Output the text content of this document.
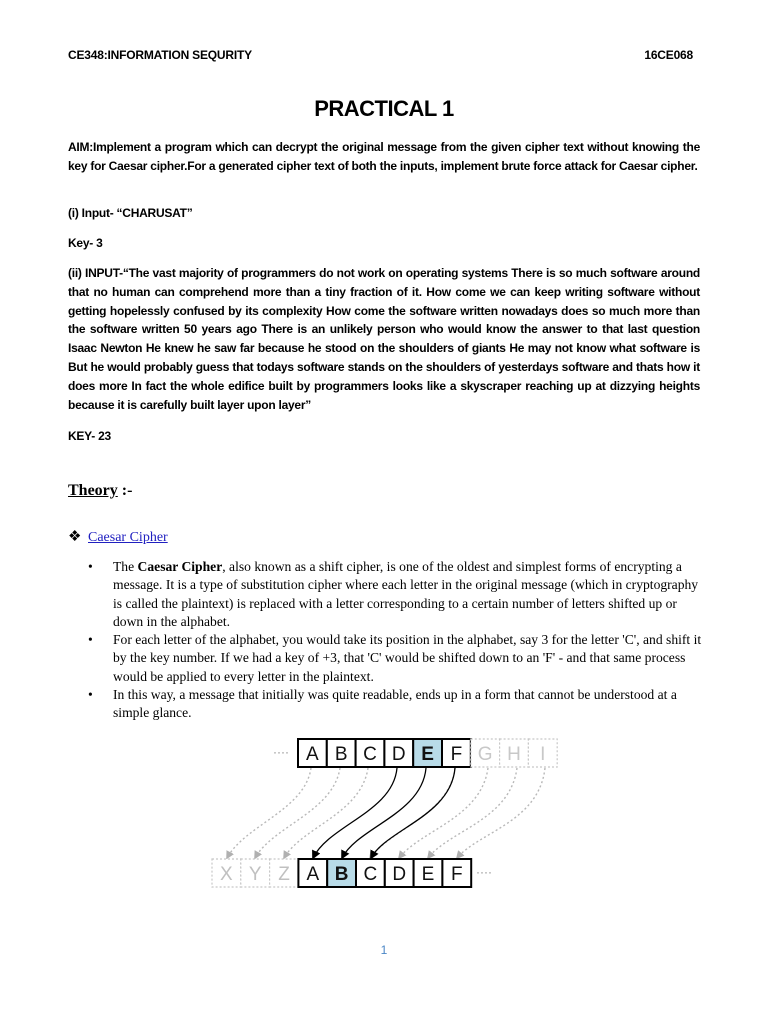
CE348:INFORMATION SEQURITY	16CE068
PRACTICAL 1
AIM:Implement a program which can decrypt the original message from the given cipher text without knowing the key for Caesar cipher.For a generated cipher text of both the inputs, implement brute force attack for Caesar cipher.
(i) Input- “CHARUSAT”
Key- 3
(ii) INPUT-“The vast majority of programmers do not work on operating systems There is so much software around that no human can comprehend more than a tiny fraction of it. How come we can keep writing software without getting hopelessly confused by its complexity How come the software written nowadays does so much more than the software written 50 years ago There is an unlikely person who would know the answer to that last question Isaac Newton He knew he saw far because he stood on the shoulders of giants He may not know what software is But he would probably guess that todays software stands on the shoulders of yesterdays software and thats how it does more In fact the whole edifice built by programmers looks like a skyscraper reaching up at dizzying heights because it is carefully built layer upon layer”
KEY- 23
Theory :-
❖ Caesar Cipher
• The Caesar Cipher, also known as a shift cipher, is one of the oldest and simplest forms of encrypting a message. It is a type of substitution cipher where each letter in the original message (which in cryptography is called the plaintext) is replaced with a letter corresponding to a certain number of letters shifted up or down in the alphabet.
• For each letter of the alphabet, you would take its position in the alphabet, say 3 for the letter 'C', and shift it by the key number. If we had a key of +3, that 'C' would be shifted down to an 'F' - and that same process would be applied to every letter in the plaintext.
• In this way, a message that initially was quite readable, ends up in a form that cannot be understood at a simple glance.
···· A B C D E F G H I
X Y Z A B C D E F ····
1
